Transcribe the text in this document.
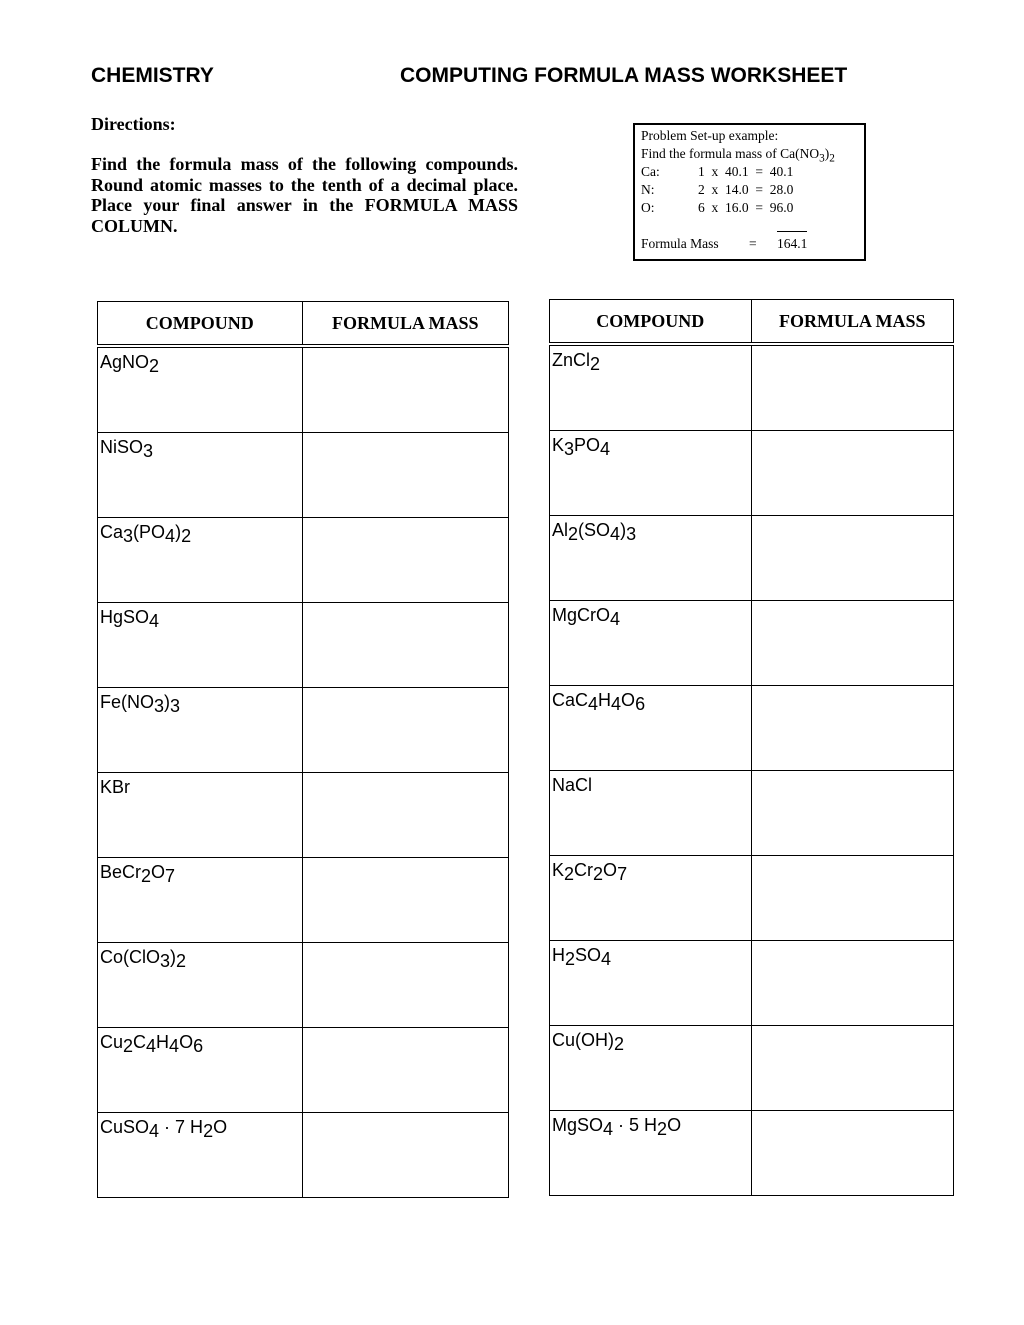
CHEMISTRY	COMPUTING FORMULA MASS WORKSHEET
Directions:
Find the formula mass of the following compounds. Round atomic masses to the tenth of a decimal place. Place your final answer in the FORMULA MASS COLUMN.
Problem Set-up example:
Find the formula mass of $Ca(NO_3)_2$
Ca:	1  x  40.1  =  40.1
N:	2  x  14.0  =  28.0
O:	6  x  16.0  =  96.0
Formula Mass	=	164.1
COMPOUND	FORMULA MASS
AgNO$_2$	
NiSO$_3$	
$Ca_3(PO_4)_2$	
HgSO$_4$	
$Fe(NO_3)_3$	
KBr	
$BeCr_2O_7$	
$Co(ClO_3)_2$	
$Cu_2C_4H_4O_6$	
CuSO$_4$ · 7 $H_2O$	
COMPOUND	FORMULA MASS
ZnCl$_2$	
$K_3PO_4$	
$Al_2(SO_4)_3$	
MgCrO$_4$	
$CaC_4H_4O_6$	
NaCl	
$K_2Cr_2O_7$	
$H_2SO_4$	
$Cu(OH)_2$	
MgSO$_4$ · 5 $H_2O$	
